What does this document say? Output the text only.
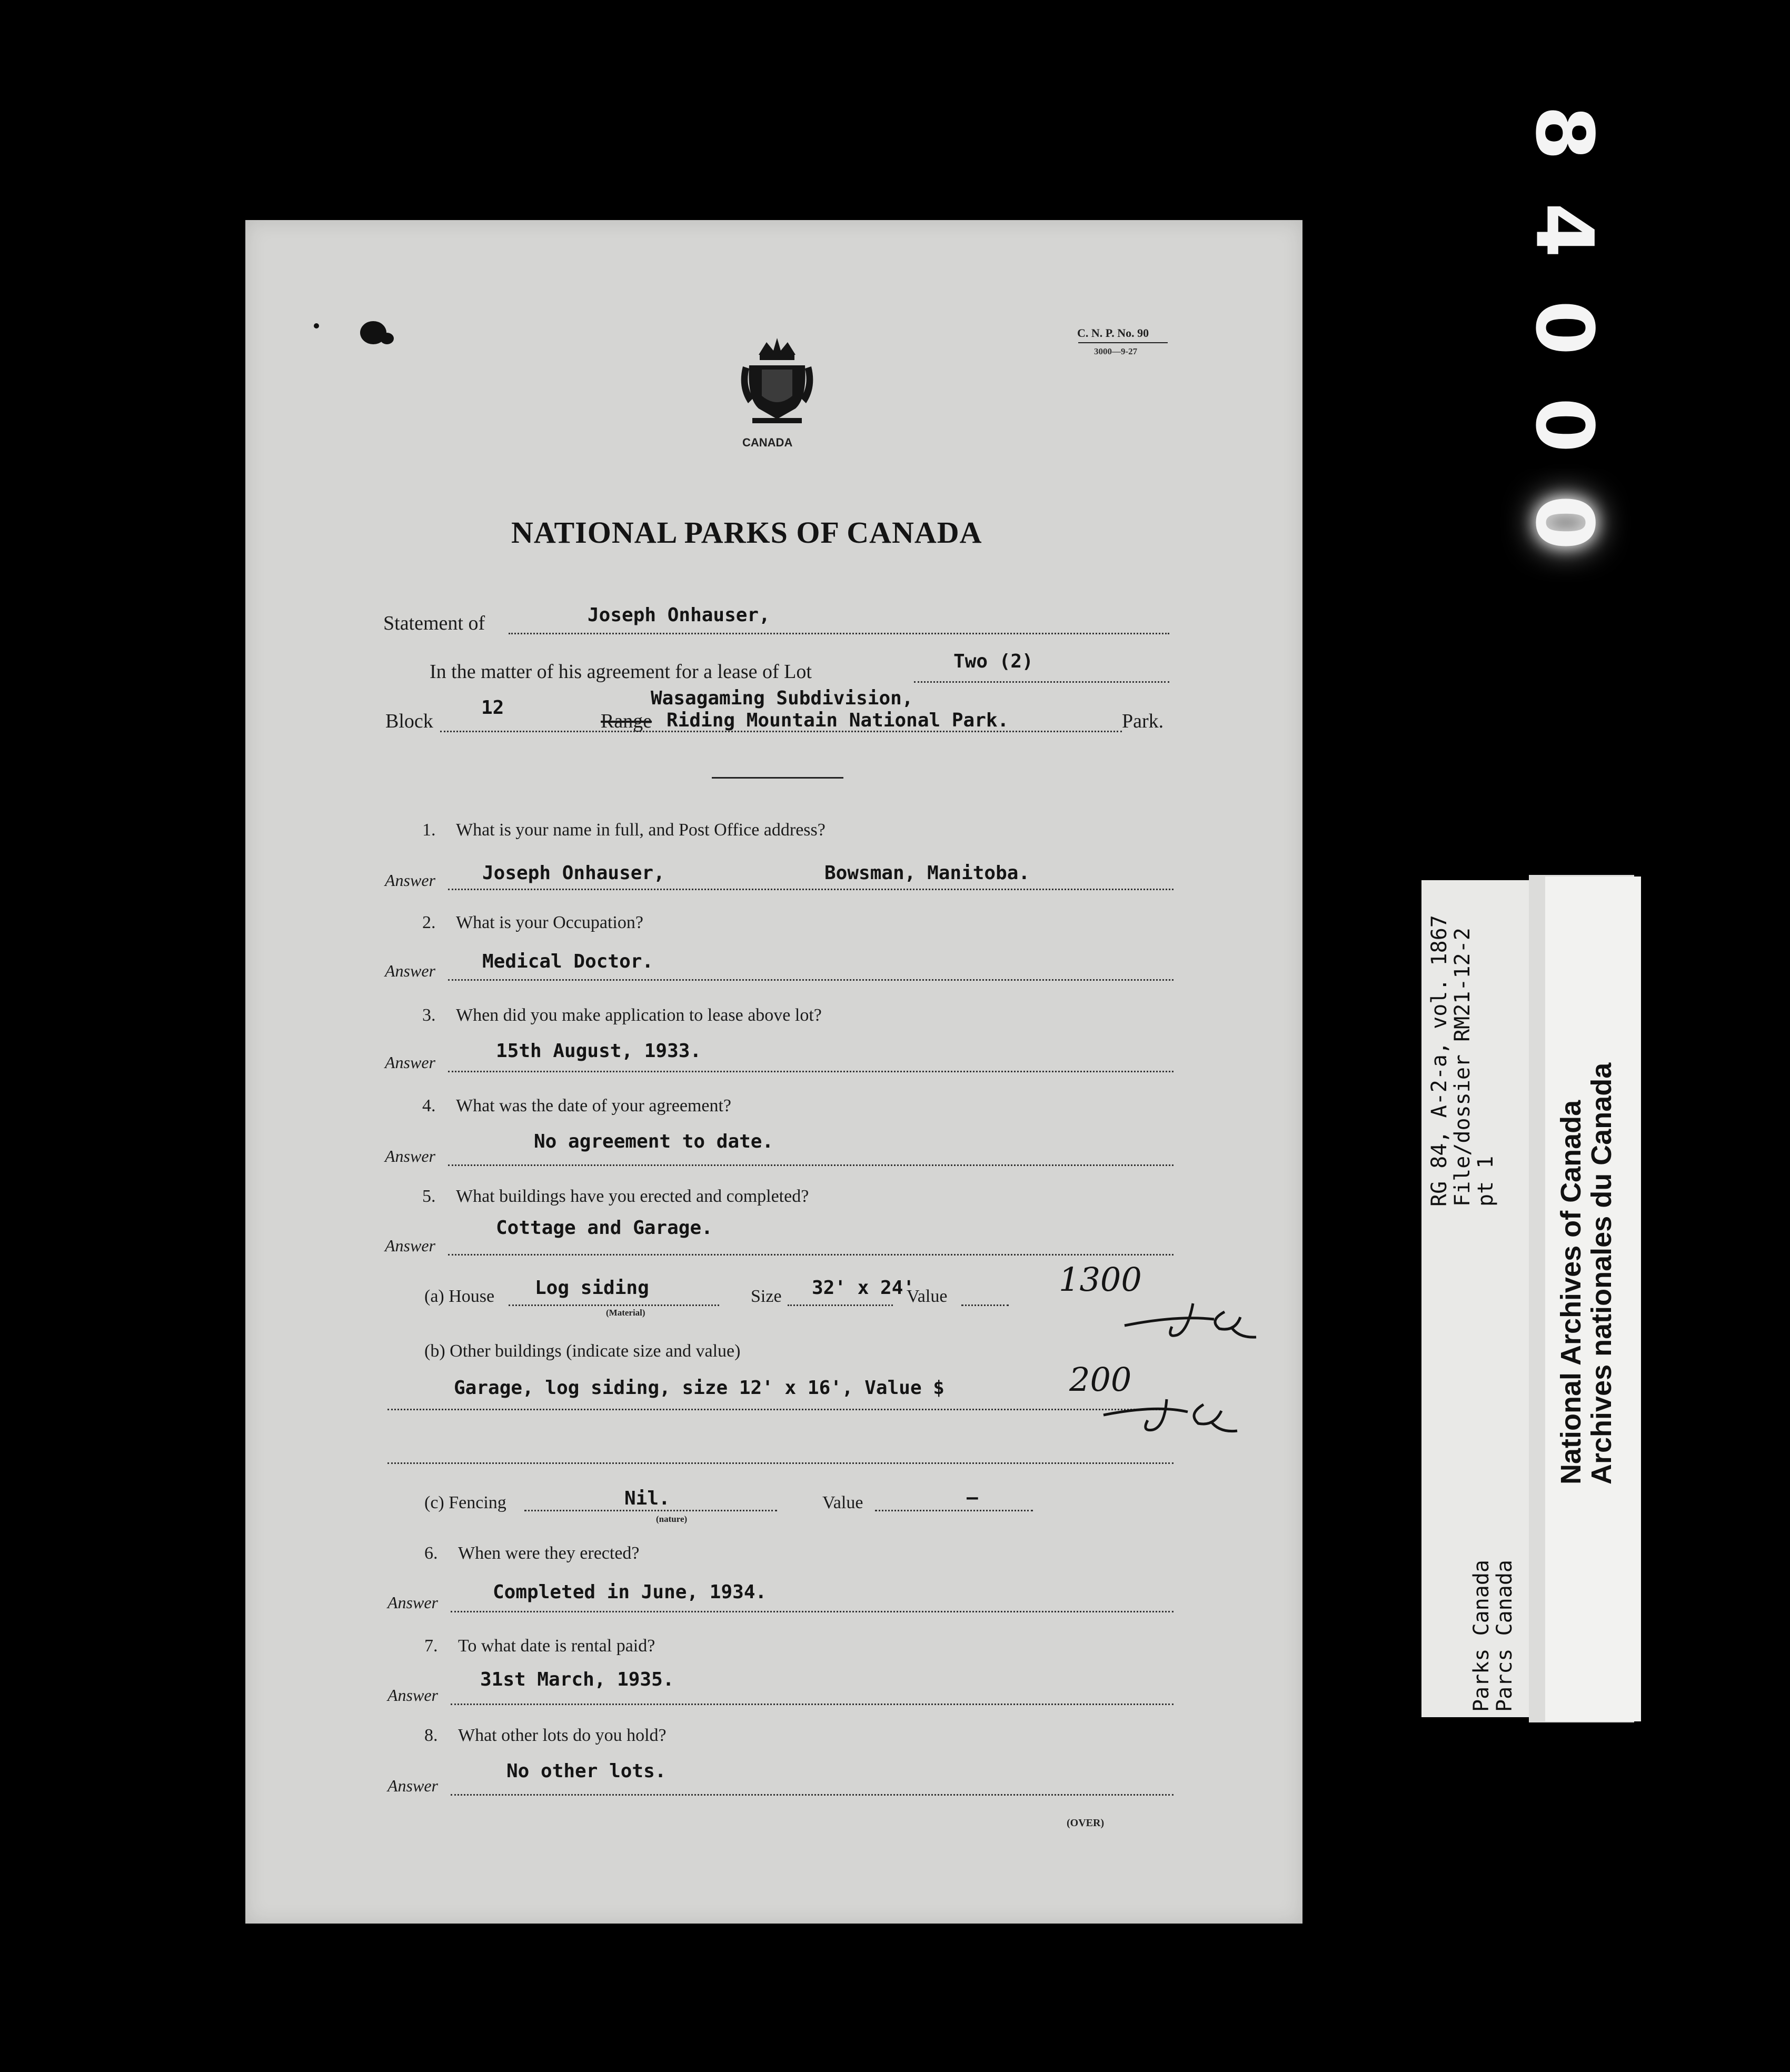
8
4
0
0
0
RG 84, A-2-a, vol. 1867
File/dossier RM21-12-2
pt 1
Parks Canada
Parcs Canada
National Archives of Canada
Archives nationales du Canada
C. N. P. No. 90
3000—9-27
CANADA
NATIONAL PARKS OF CANADA
Statement of	Joseph Onhauser,
In the matter of his agreement for a lease of Lot	Two (2)
Block
12	Wasagaming Subdivision,
Range Riding Mountain National Park.	Park.
1. What is your name in full, and Post Office address?
Answer Joseph Onhauser,	Bowsman, Manitoba.
2. What is your Occupation?
Answer Medical Doctor.
3. When did you make application to lease above lot?
Answer
15th August, 1933.
4. What was the date of your agreement?
Answer
No agreement to date.
5. What buildings have you erected and completed?
Answer
Cottage and Garage.
(a) House Log siding
(Material)
Size 32' x 24'
Value	1300
(b) Other buildings (indicate size and value)
Garage, log siding, size 12' x 16', Value $	200
(c) Fencing	Nil.
(nature)
Value	—
6. When were they erected?
Answer	Completed in June, 1934.
7. To what date is rental paid?
Answer
31st March, 1935.
8. What other lots do you hold?
Answer
No other lots.
(OVER)
